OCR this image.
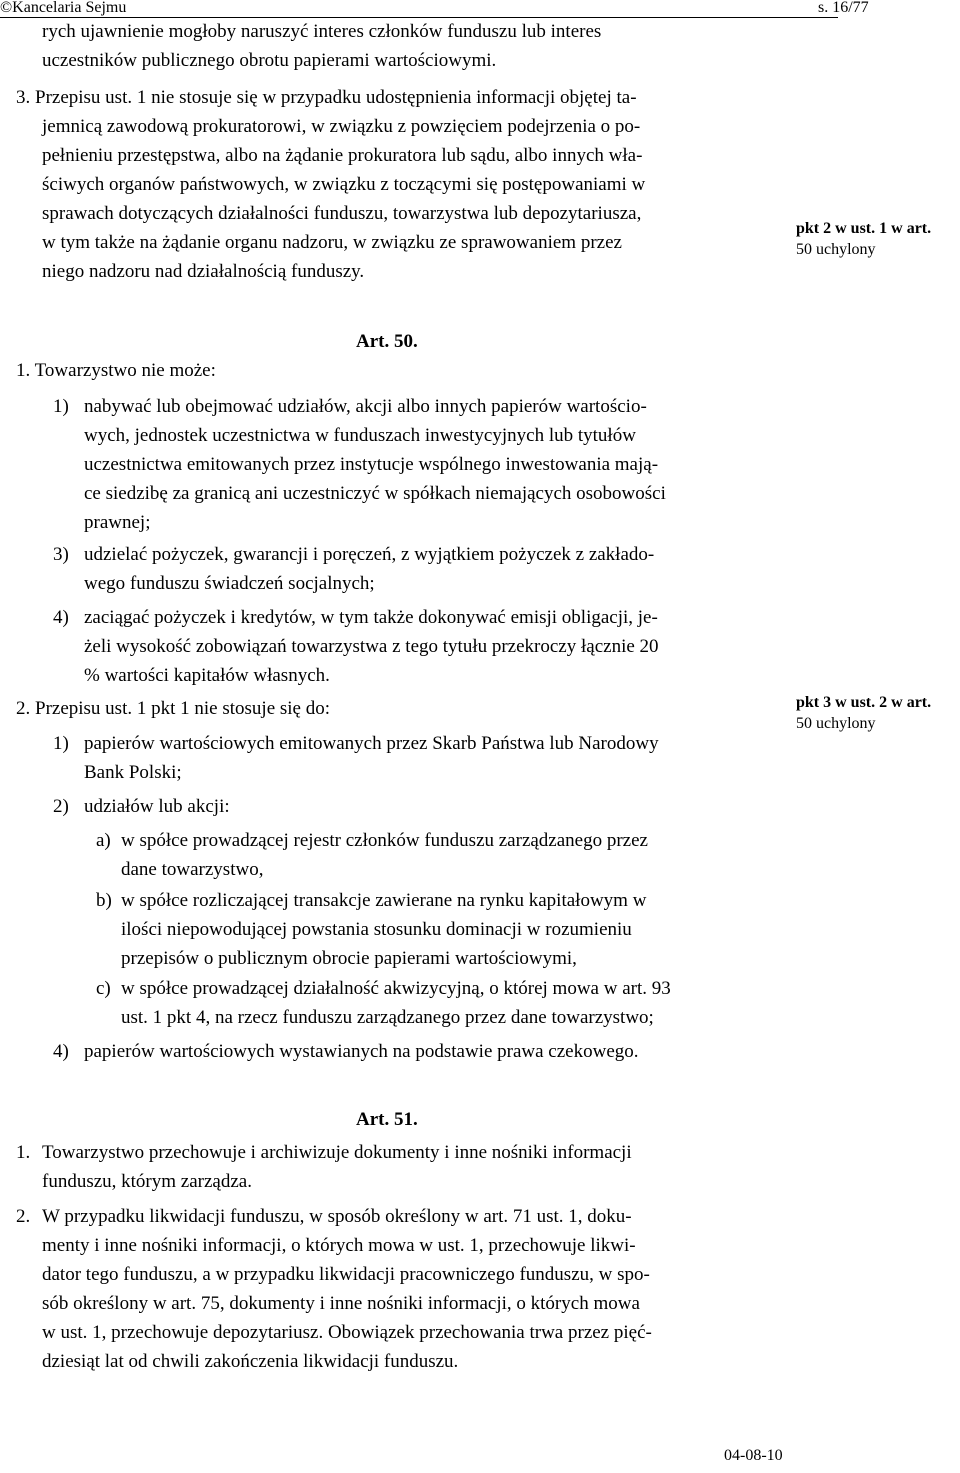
©Kancelaria Sejmu	s. 16/77
rych ujawnienie mogłoby naruszyć interes członków funduszu lub interes
uczestników publicznego obrotu papierami wartościowymi.
3. Przepisu ust. 1 nie stosuje się w przypadku udostępnienia informacji objętej ta-
jemnicą zawodową prokuratorowi, w związku z powzięciem podejrzenia o po-
pełnieniu przestępstwa, albo na żądanie prokuratora lub sądu, albo innych wła-
ściwych organów państwowych, w związku z toczącymi się postępowaniami w
sprawach dotyczących działalności funduszu, towarzystwa lub depozytariusza,
w tym także na żądanie organu nadzoru, w związku ze sprawowaniem przez
niego nadzoru nad działalnością funduszy.
pkt 2 w ust. 1 w art.
50 uchylony
Art. 50.
1. Towarzystwo nie może:
1) nabywać lub obejmować udziałów, akcji albo innych papierów wartościo-
wych, jednostek uczestnictwa w funduszach inwestycyjnych lub tytułów
uczestnictwa emitowanych przez instytucje wspólnego inwestowania mają-
ce siedzibę za granicą ani uczestniczyć w spółkach niemających osobowości
prawnej;
3) udzielać pożyczek, gwarancji i poręczeń, z wyjątkiem pożyczek z zakłado-
wego funduszu świadczeń socjalnych;
4) zaciągać pożyczek i kredytów, w tym także dokonywać emisji obligacji, je-
żeli wysokość zobowiązań towarzystwa z tego tytułu przekroczy łącznie 20
% wartości kapitałów własnych.
2. Przepisu ust. 1 pkt 1 nie stosuje się do:	pkt 3 w ust. 2 w art.
50 uchylony
1) papierów wartościowych emitowanych przez Skarb Państwa lub Narodowy
Bank Polski;
2) udziałów lub akcji:
a) w spółce prowadzącej rejestr członków funduszu zarządzanego przez
dane towarzystwo,
b) w spółce rozliczającej transakcje zawierane na rynku kapitałowym w
ilości niepowodującej powstania stosunku dominacji w rozumieniu
przepisów o publicznym obrocie papierami wartościowymi,
c) w spółce prowadzącej działalność akwizycyjną, o której mowa w art. 93
ust. 1 pkt 4, na rzecz funduszu zarządzanego przez dane towarzystwo;
4) papierów wartościowych wystawianych na podstawie prawa czekowego.
Art. 51.
1. Towarzystwo przechowuje i archiwizuje dokumenty i inne nośniki informacji
funduszu, którym zarządza.
2. W przypadku likwidacji funduszu, w sposób określony w art. 71 ust. 1, doku-
menty i inne nośniki informacji, o których mowa w ust. 1, przechowuje likwi-
dator tego funduszu, a w przypadku likwidacji pracowniczego funduszu, w spo-
sób określony w art. 75, dokumenty i inne nośniki informacji, o których mowa
w ust. 1, przechowuje depozytariusz. Obowiązek przechowania trwa przez pięć-
dziesiąt lat od chwili zakończenia likwidacji funduszu.
04-08-10
